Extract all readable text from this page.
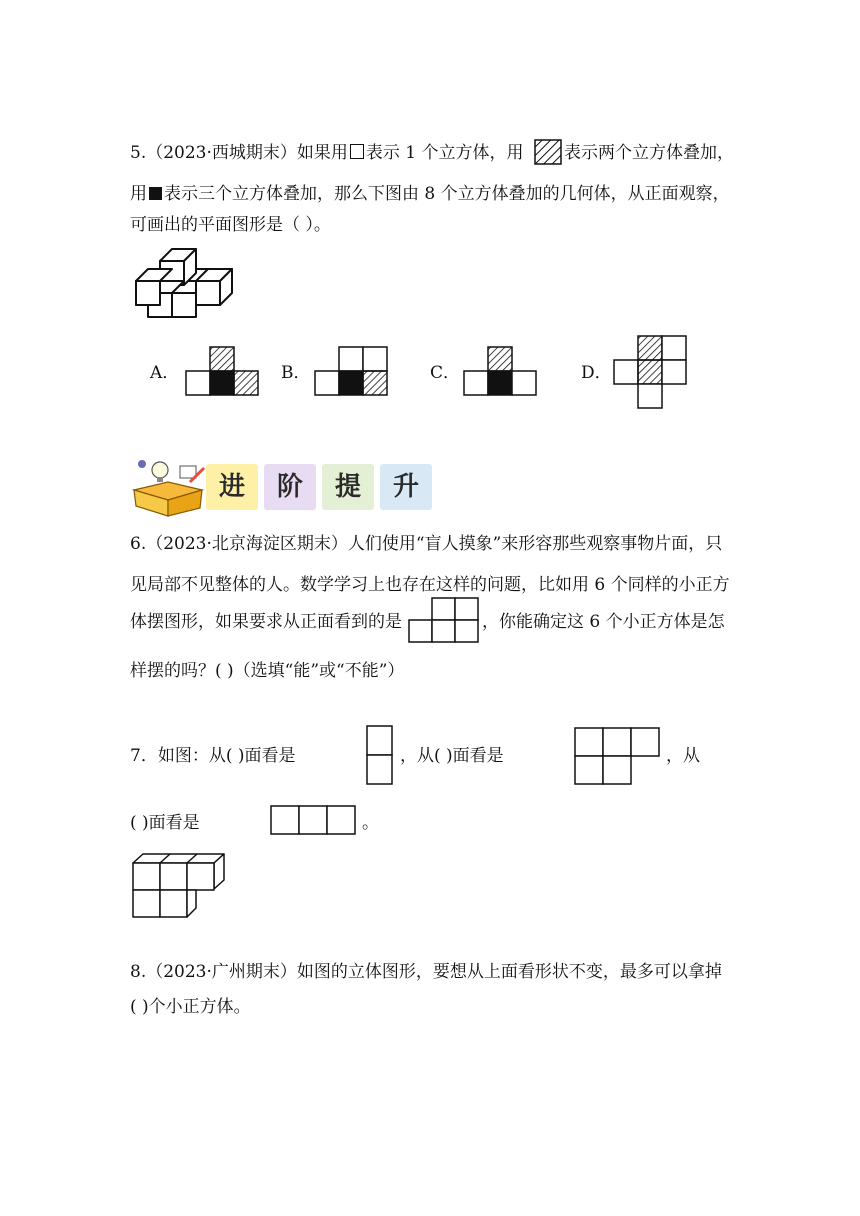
5.（2023·西城期末）如果用 表示 1 个立方体，用 表示两个立方体叠加，
用 表示三个立方体叠加，那么下图由 8 个立方体叠加的几何体，从正面观察，
可画出的平面图形是（ ）。
A．	B．	C．	D．
进	阶	提	升
6.（2023·北京海淀区期末）人们使用“盲人摸象”来形容那些观察事物片面，只
见局部不见整体的人。数学学习上也存在这样的问题，比如用 6 个同样的小正方
体摆图形，如果要求从正面看到的是	，你能确定这 6 个小正方体是怎
样摆的吗？( )（选填“能”或“不能”）
7．如图：从( )面看是	，从( )面看是	，从
( )面看是	。
8.（2023·广州期末）如图的立体图形，要想从上面看形状不变，最多可以拿掉
( )个小正方体。
